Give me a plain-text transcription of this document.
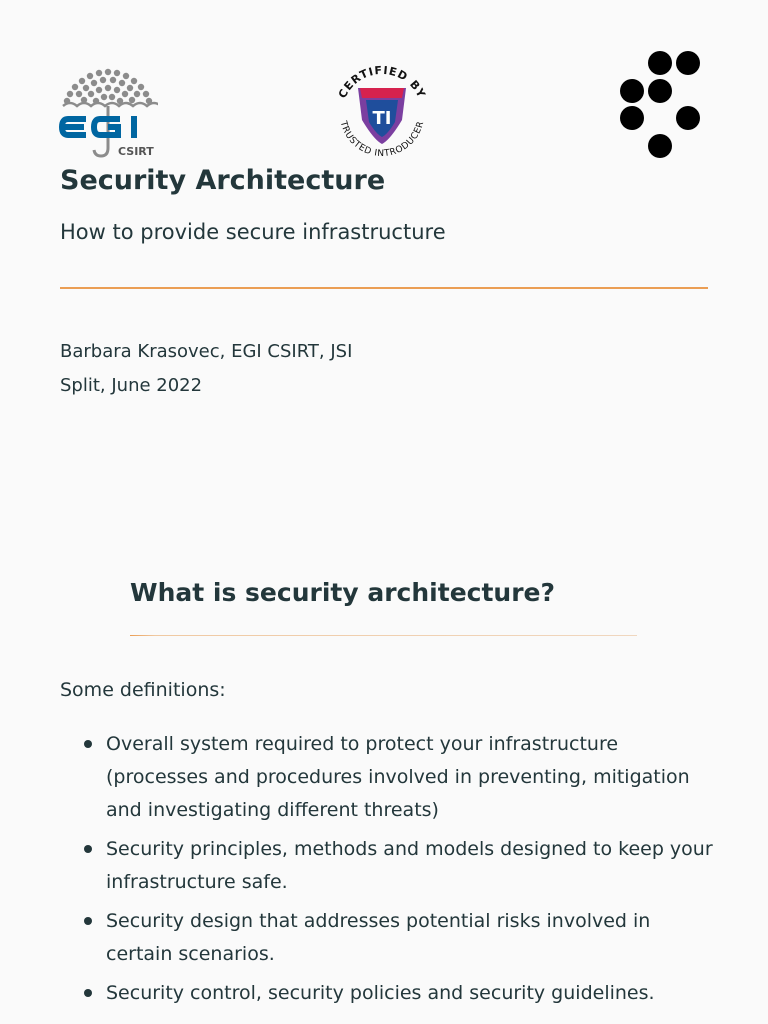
CSIRT
CERTIFIED BY
TRUSTED INTRODUCER
TI
Security Architecture
How to provide secure infrastructure
Barbara Krasovec, EGI CSIRT, JSI
Split, June 2022
What is security architecture?
Some definitions:
Overall system required to protect your infrastructure
(processes and procedures involved in preventing, mitigation
and investigating different threats)
Security principles, methods and models designed to keep your
infrastructure safe.
Security design that addresses potential risks involved in
certain scenarios.
Security control, security policies and security guidelines.
